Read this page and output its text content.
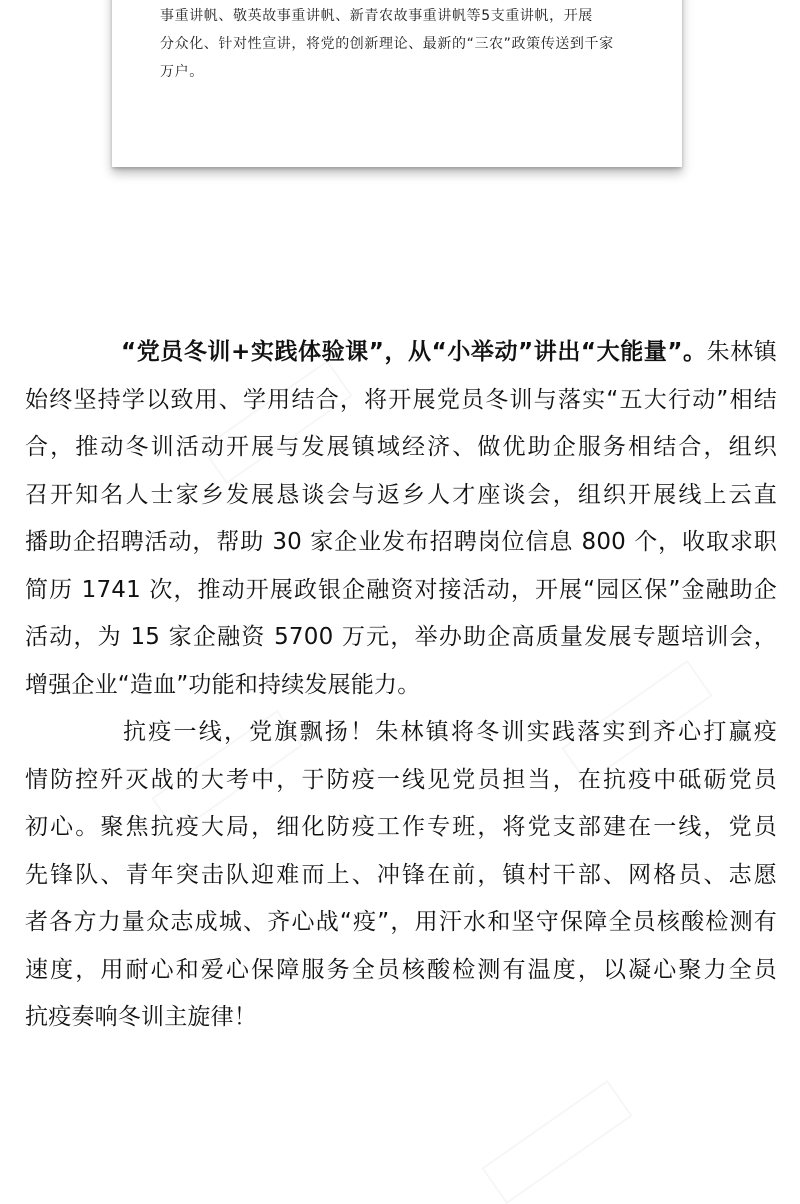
事重讲帆、敬英故事重讲帆、新青农故事重讲帆等5支重讲帆，开展
分众化、针对性宣讲，将党的创新理论、最新的“三农”政策传送到千家
万户。

“党员冬训+实践体验课”，从“小举动”讲出“大能量”。朱林镇
始终坚持学以致用、学用结合，将开展党员冬训与落实“五大行动”相结
合，推动冬训活动开展与发展镇域经济、做优助企服务相结合，组织
召开知名人士家乡发展恳谈会与返乡人才座谈会，组织开展线上云直
播助企招聘活动，帮助 30 家企业发布招聘岗位信息 800 个，收取求职
简历 1741 次，推动开展政银企融资对接活动，开展“园区保”金融助企
活动，为 15 家企融资 5700 万元，举办助企高质量发展专题培训会，
增强企业“造血”功能和持续发展能力。

抗疫一线，党旗飘扬！朱林镇将冬训实践落实到齐心打赢疫
情防控歼灭战的大考中，于防疫一线见党员担当，在抗疫中砥砺党员
初心。聚焦抗疫大局，细化防疫工作专班，将党支部建在一线，党员
先锋队、青年突击队迎难而上、冲锋在前，镇村干部、网格员、志愿
者各方力量众志成城、齐心战“疫”，用汗水和坚守保障全员核酸检测有
速度，用耐心和爱心保障服务全员核酸检测有温度，以凝心聚力全员
抗疫奏响冬训主旋律！
